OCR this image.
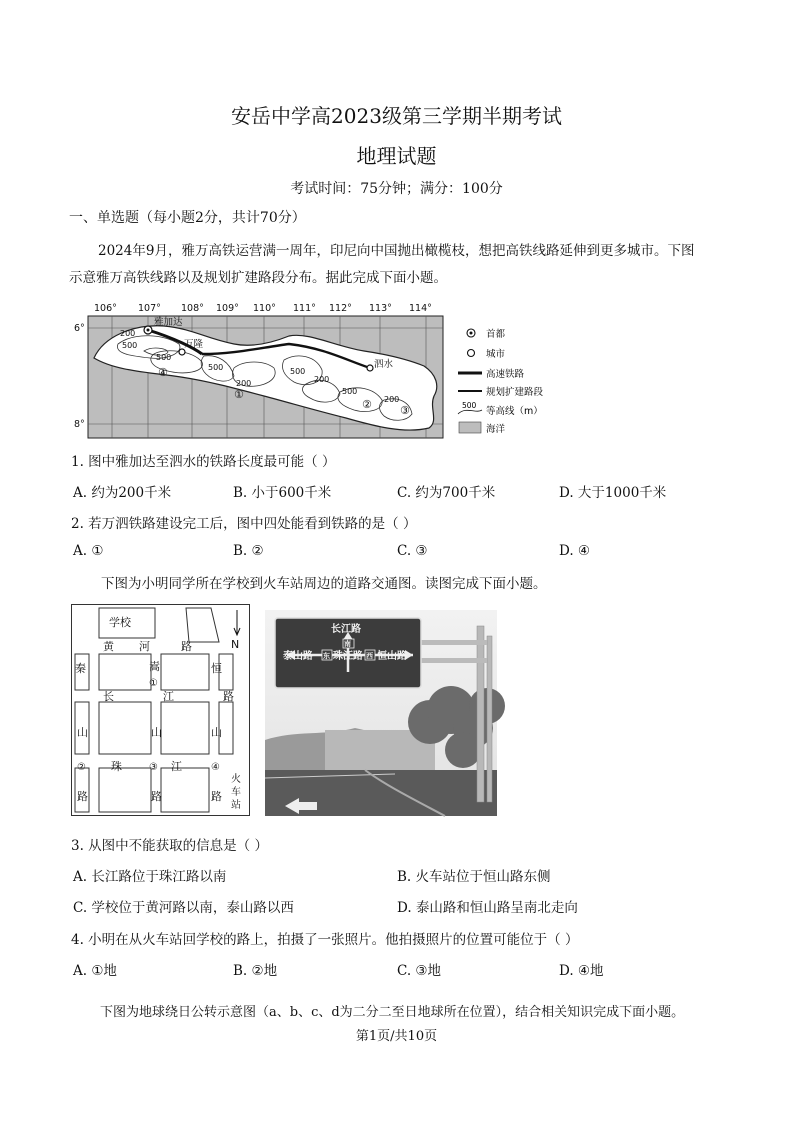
安岳中学高2023级第三学期半期考试
地理试题
考试时间：75分钟；满分：100分
一、单选题（每小题2分，共计70分）
2024年9月，雅万高铁运营满一周年，印尼向中国抛出橄榄枝，想把高铁线路延伸到更多城市。下图
示意雅万高铁线路以及规划扩建路段分布。据此完成下面小题。
106° 107° 108° 109° 110° 111° 112° 113° 114°
6°
8°
雅加达
万隆
泗水
200
500
500
500
200
500
200
500
200
①
②	③
④
首都
城市
高速铁路
规划扩建路段
500
等高线（m）
海洋
1. 图中雅加达至泗水的铁路长度最可能（ ）
A. 约为200千米	B. 小于600千米	C. 约为700千米	D. 大于1000千米
2. 若万泗铁路建设完工后，图中四处能看到铁路的是（ ）
A. ①	B. ②	C. ③	D. ④
下图为小明同学所在学校到火车站周边的道路交通图。读图完成下面小题。
N
学校
黄 河	路
秦	嵩
①
恒
长	江	路
山	山	山
② 珠	③ 江	④
路	路	路
火
车
站
长江路
南
泰山路 东 珠江路 西 恒山路
3. 从图中不能获取的信息是（ ）
A. 长江路位于珠江路以南	B. 火车站位于恒山路东侧
C. 学校位于黄河路以南，泰山路以西	D. 泰山路和恒山路呈南北走向
4. 小明在从火车站回学校的路上，拍摄了一张照片。他拍摄照片的位置可能位于（ ）
A. ①地	B. ②地	C. ③地	D. ④地
下图为地球绕日公转示意图（a、b、c、d为二分二至日地球所在位置），结合相关知识完成下面小题。
第1页/共10页
